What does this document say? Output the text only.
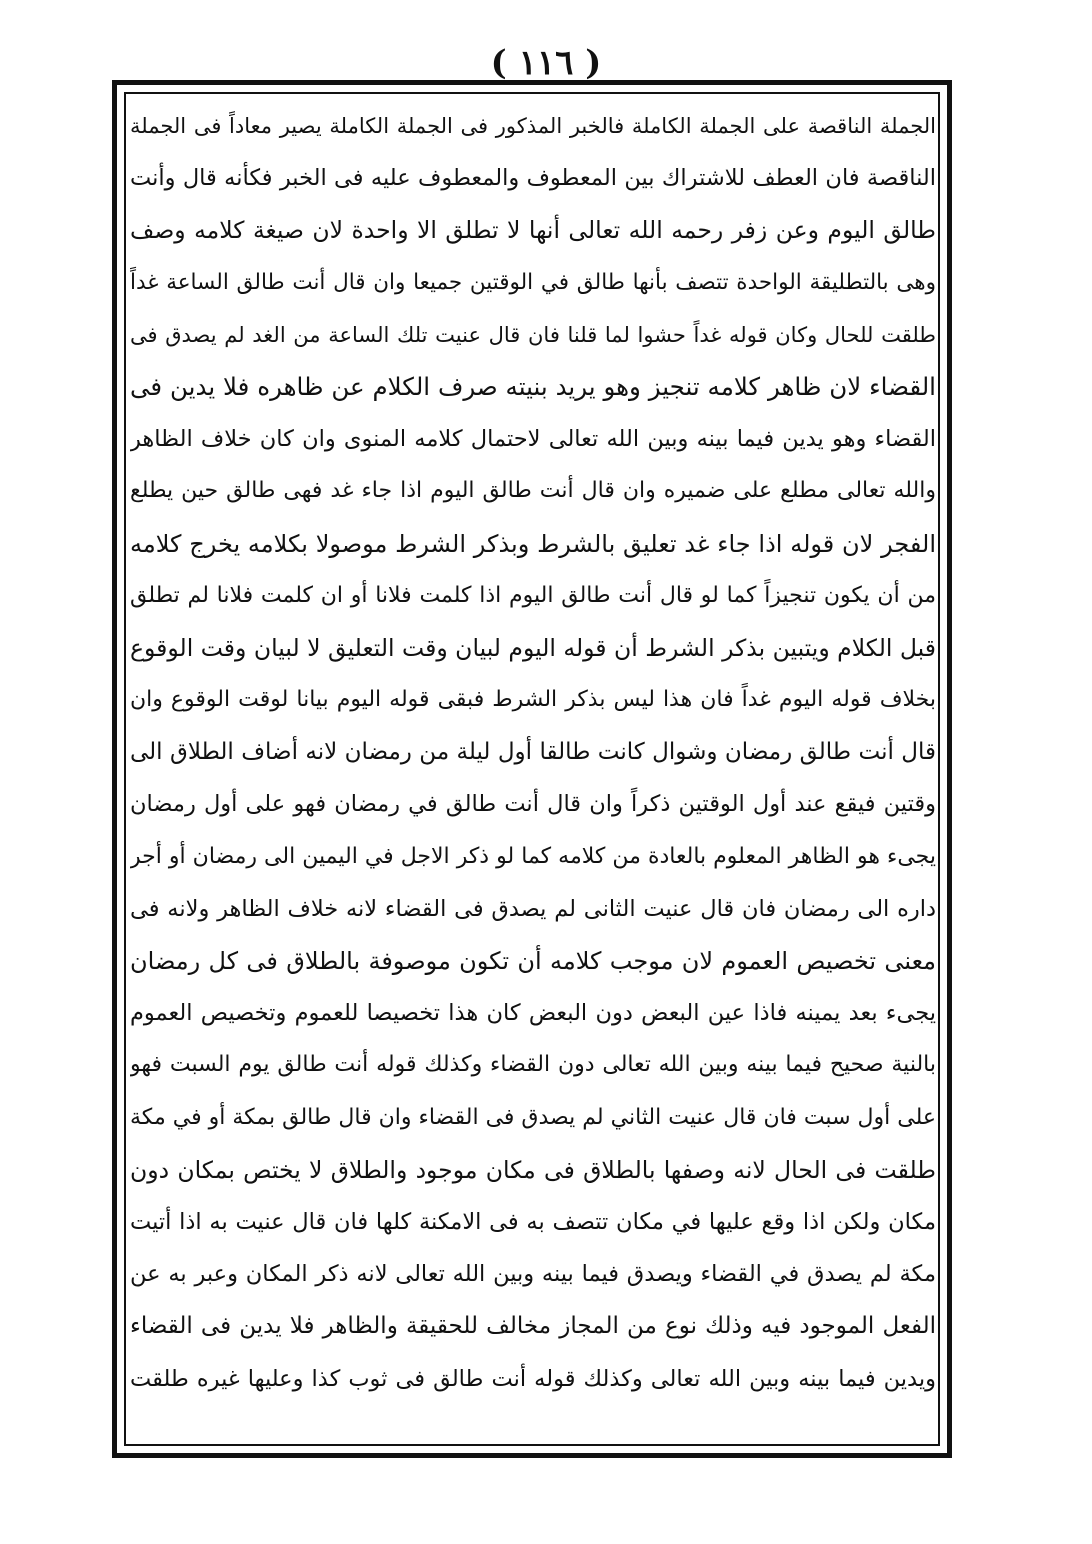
( ١١٦ )
الجملة الناقصة على الجملة الكاملة فالخبر المذكور فى الجملة الكاملة يصير معاداً فى الجملة
الناقصة فان العطف للاشتراك بين المعطوف والمعطوف عليه فى الخبر فكأنه قال وأنت
طالق اليوم وعن زفر رحمه الله تعالى أنها لا تطلق الا واحدة لان صيغة كلامه وصف
وهى بالتطليقة الواحدة تتصف بأنها طالق في الوقتين جميعا وان قال أنت طالق الساعة غداً
طلقت للحال وكان قوله غداً حشوا لما قلنا فان قال عنيت تلك الساعة من الغد لم يصدق فى
القضاء لان ظاهر كلامه تنجيز وهو يريد بنيته صرف الكلام عن ظاهره فلا يدين فى
القضاء وهو يدين فيما بينه وبين الله تعالى لاحتمال كلامه المنوى وان كان خلاف الظاهر
والله تعالى مطلع على ضميره وان قال أنت طالق اليوم اذا جاء غد فهى طالق حين يطلع
الفجر لان قوله اذا جاء غد تعليق بالشرط وبذكر الشرط موصولا بكلامه يخرج كلامه
من أن يكون تنجيزاً كما لو قال أنت طالق اليوم اذا كلمت فلانا أو ان كلمت فلانا لم تطلق
قبل الكلام ويتبين بذكر الشرط أن قوله اليوم لبيان وقت التعليق لا لبيان وقت الوقوع
بخلاف قوله اليوم غداً فان هذا ليس بذكر الشرط فبقى قوله اليوم بيانا لوقت الوقوع وان
قال أنت طالق رمضان وشوال كانت طالقا أول ليلة من رمضان لانه أضاف الطلاق الى
وقتين فيقع عند أول الوقتين ذكراً وان قال أنت طالق في رمضان فهو على أول رمضان
يجىء هو الظاهر المعلوم بالعادة من كلامه كما لو ذكر الاجل في اليمين الى رمضان أو أجر
داره الى رمضان فان قال عنيت الثانى لم يصدق فى القضاء لانه خلاف الظاهر ولانه فى
معنى تخصيص العموم لان موجب كلامه أن تكون موصوفة بالطلاق فى كل رمضان
يجىء بعد يمينه فاذا عين البعض دون البعض كان هذا تخصيصا للعموم وتخصيص العموم
بالنية صحيح فيما بينه وبين الله تعالى دون القضاء وكذلك قوله أنت طالق يوم السبت فهو
على أول سبت فان قال عنيت الثاني لم يصدق فى القضاء وان قال طالق بمكة أو في مكة
طلقت فى الحال لانه وصفها بالطلاق فى مكان موجود والطلاق لا يختص بمكان دون
مكان ولكن اذا وقع عليها في مكان تتصف به فى الامكنة كلها فان قال عنيت به اذا أتيت
مكة لم يصدق في القضاء ويصدق فيما بينه وبين الله تعالى لانه ذكر المكان وعبر به عن
الفعل الموجود فيه وذلك نوع من المجاز مخالف للحقيقة والظاهر فلا يدين فى القضاء
ويدين فيما بينه وبين الله تعالى وكذلك قوله أنت طالق فى ثوب كذا وعليها غيره طلقت
